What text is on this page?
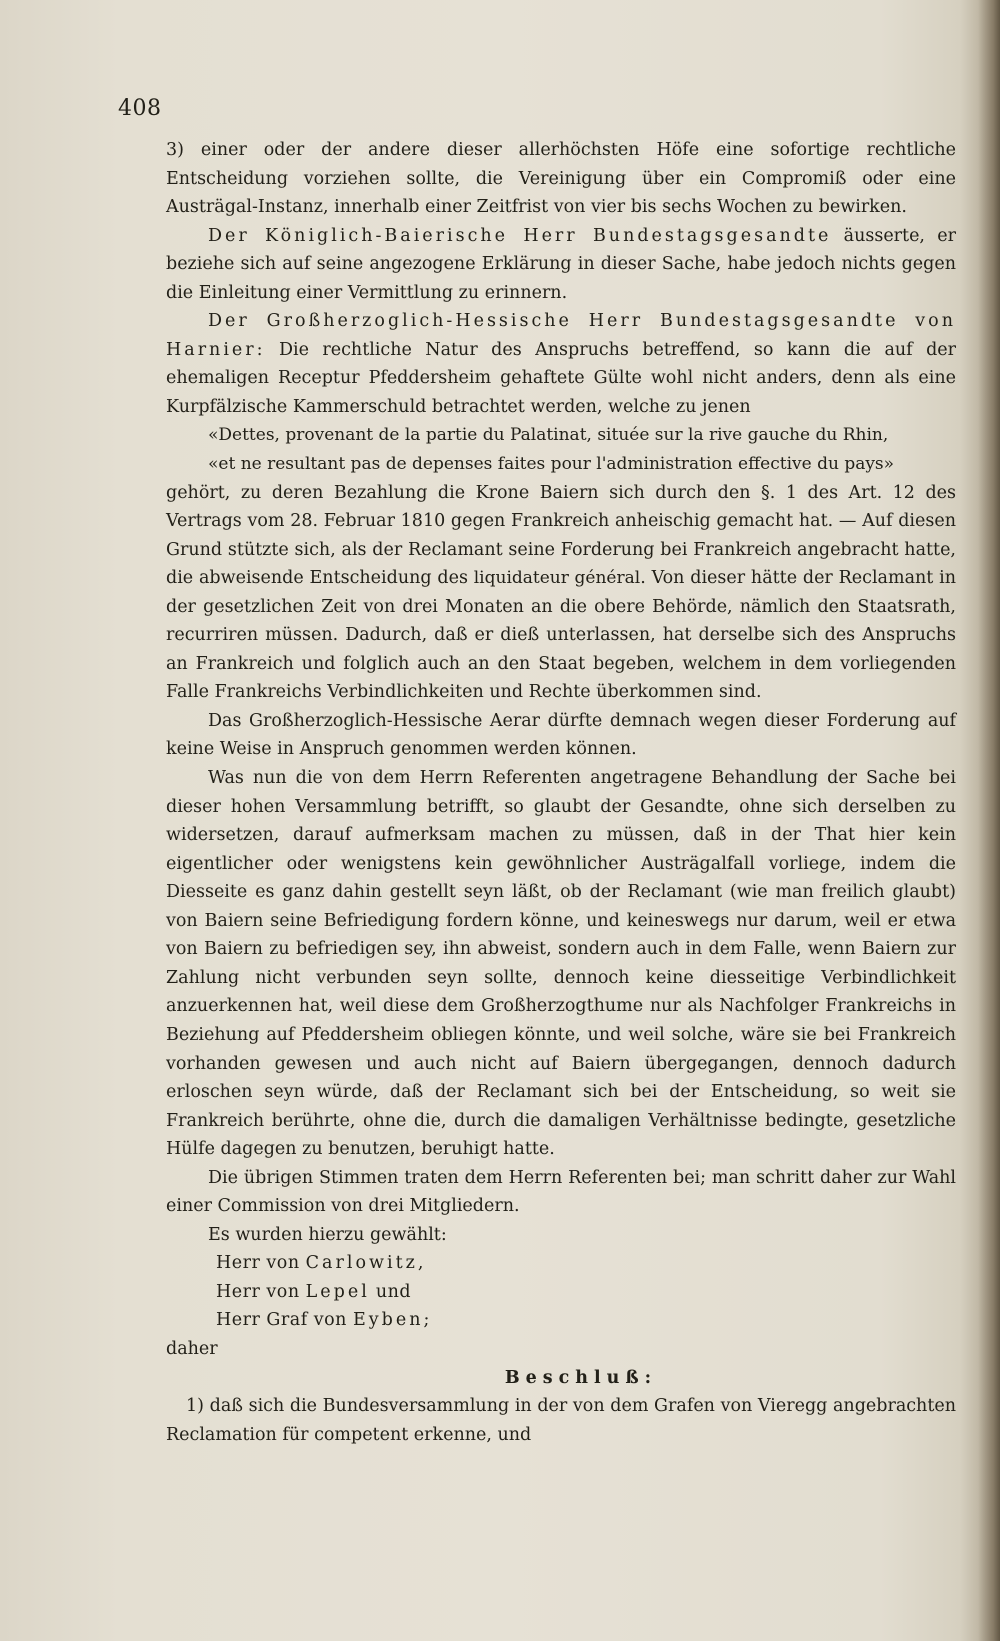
408

3) einer oder der andere dieser allerhöchsten Höfe eine sofortige rechtliche Entscheidung vorziehen sollte, die Vereinigung über ein Compromiß oder eine Austrägal-Instanz, innerhalb einer Zeitfrist von vier bis sechs Wochen zu bewirken.

Der Königlich-Baierische Herr Bundestagsgesandte äusserte, er beziehe sich auf seine angezogene Erklärung in dieser Sache, habe jedoch nichts gegen die Einleitung einer Vermittlung zu erinnern.

Der Großherzoglich-Hessische Herr Bundestagsgesandte von Harnier: Die rechtliche Natur des Anspruchs betreffend, so kann die auf der ehemaligen Receptur Pfeddersheim gehaftete Gülte wohl nicht anders, denn als eine Kurpfälzische Kammerschuld betrachtet werden, welche zu jenen

«Dettes, provenant de la partie du Palatinat, située sur la rive gauche du Rhin,

«et ne resultant pas de depenses faites pour l'administration effective du pays»

gehört, zu deren Bezahlung die Krone Baiern sich durch den §. 1 des Art. 12 des Vertrags vom 28. Februar 1810 gegen Frankreich anheischig gemacht hat. — Auf diesen Grund stützte sich, als der Reclamant seine Forderung bei Frankreich angebracht hatte, die abweisende Entscheidung des liquidateur général. Von dieser hätte der Reclamant in der gesetzlichen Zeit von drei Monaten an die obere Behörde, nämlich den Staatsrath, recurriren müssen. Dadurch, daß er dieß unterlassen, hat derselbe sich des Anspruchs an Frankreich und folglich auch an den Staat begeben, welchem in dem vorliegenden Falle Frankreichs Verbindlichkeiten und Rechte überkommen sind.

Das Großherzoglich-Hessische Aerar dürfte demnach wegen dieser Forderung auf keine Weise in Anspruch genommen werden können.

Was nun die von dem Herrn Referenten angetragene Behandlung der Sache bei dieser hohen Versammlung betrifft, so glaubt der Gesandte, ohne sich derselben zu widersetzen, darauf aufmerksam machen zu müssen, daß in der That hier kein eigentlicher oder wenigstens kein gewöhnlicher Austrägalfall vorliege, indem die Diesseite es ganz dahin gestellt seyn läßt, ob der Reclamant (wie man freilich glaubt) von Baiern seine Befriedigung fordern könne, und keineswegs nur darum, weil er etwa von Baiern zu befriedigen sey, ihn abweist, sondern auch in dem Falle, wenn Baiern zur Zahlung nicht verbunden seyn sollte, dennoch keine diesseitige Verbindlichkeit anzuerkennen hat, weil diese dem Großherzogthume nur als Nachfolger Frankreichs in Beziehung auf Pfeddersheim obliegen könnte, und weil solche, wäre sie bei Frankreich vorhanden gewesen und auch nicht auf Baiern übergegangen, dennoch dadurch erloschen seyn würde, daß der Reclamant sich bei der Entscheidung, so weit sie Frankreich berührte, ohne die, durch die damaligen Verhältnisse bedingte, gesetzliche Hülfe dagegen zu benutzen, beruhigt hatte.

Die übrigen Stimmen traten dem Herrn Referenten bei; man schritt daher zur Wahl einer Commission von drei Mitgliedern.

Es wurden hierzu gewählt:

Herr von Carlowitz,

Herr von Lepel und

Herr Graf von Eyben;

daher

Beschluß:

1) daß sich die Bundesversammlung in der von dem Grafen von Vieregg angebrachten Reclamation für competent erkenne, und
